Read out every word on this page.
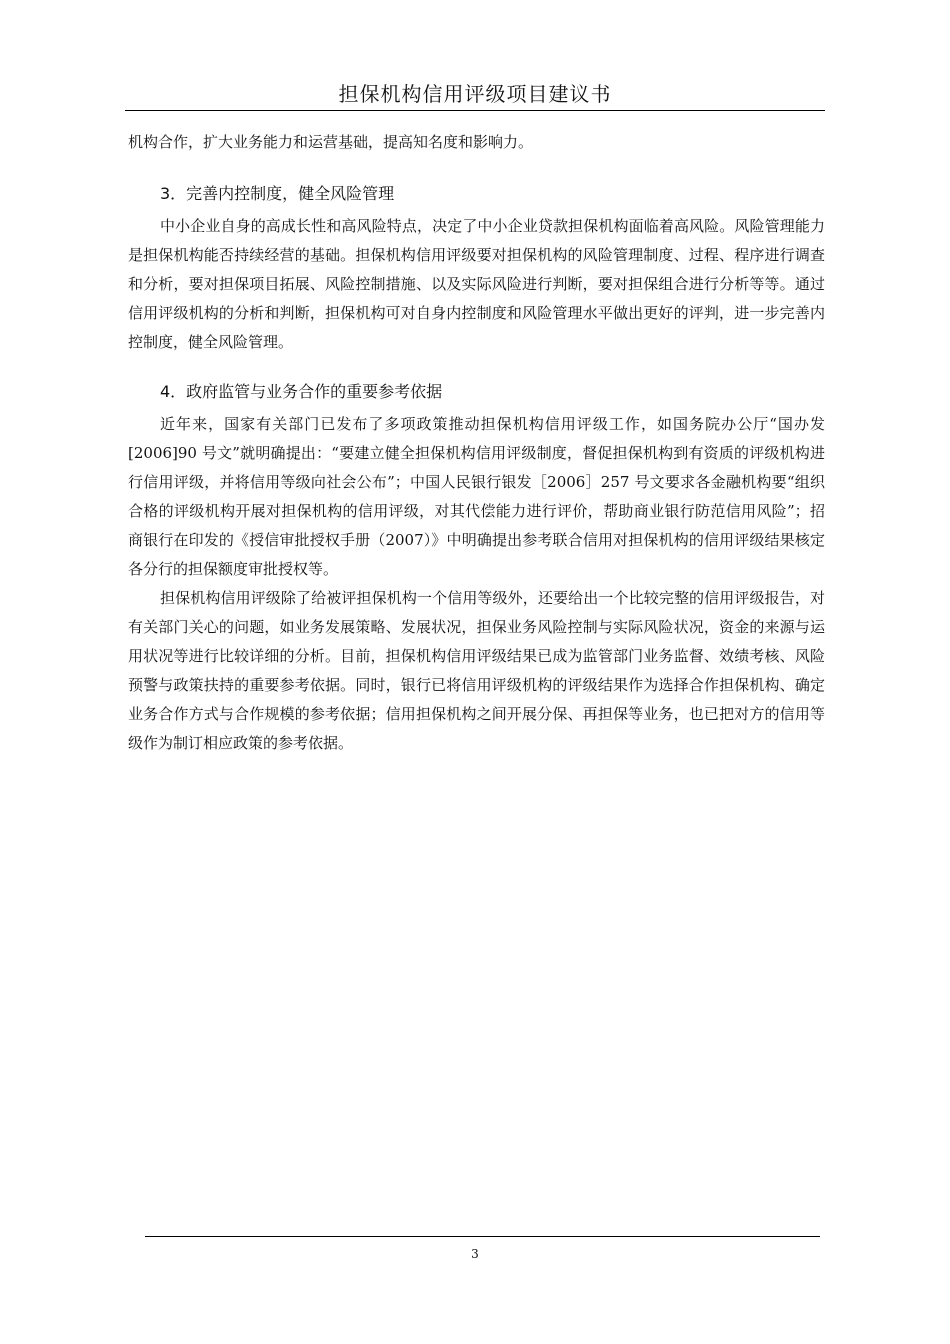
担保机构信用评级项目建议书

机构合作，扩大业务能力和运营基础，提高知名度和影响力。

3．完善内控制度，健全风险管理

中小企业自身的高成长性和高风险特点，决定了中小企业贷款担保机构面临着高风险。风险管理能力是担保机构能否持续经营的基础。担保机构信用评级要对担保机构的风险管理制度、过程、程序进行调查和分析，要对担保项目拓展、风险控制措施、以及实际风险进行判断，要对担保组合进行分析等等。通过信用评级机构的分析和判断，担保机构可对自身内控制度和风险管理水平做出更好的评判，进一步完善内控制度，健全风险管理。

4．政府监管与业务合作的重要参考依据

近年来，国家有关部门已发布了多项政策推动担保机构信用评级工作，如国务院办公厅“国办发[2006]90 号文”就明确提出：“要建立健全担保机构信用评级制度，督促担保机构到有资质的评级机构进行信用评级，并将信用等级向社会公布”；中国人民银行银发［2006］257 号文要求各金融机构要“组织合格的评级机构开展对担保机构的信用评级，对其代偿能力进行评价，帮助商业银行防范信用风险”；招商银行在印发的《授信审批授权手册（2007）》中明确提出参考联合信用对担保机构的信用评级结果核定各分行的担保额度审批授权等。

担保机构信用评级除了给被评担保机构一个信用等级外，还要给出一个比较完整的信用评级报告，对有关部门关心的问题，如业务发展策略、发展状况，担保业务风险控制与实际风险状况，资金的来源与运用状况等进行比较详细的分析。目前，担保机构信用评级结果已成为监管部门业务监督、效绩考核、风险预警与政策扶持的重要参考依据。同时，银行已将信用评级机构的评级结果作为选择合作担保机构、确定业务合作方式与合作规模的参考依据；信用担保机构之间开展分保、再担保等业务，也已把对方的信用等级作为制订相应政策的参考依据。

3
